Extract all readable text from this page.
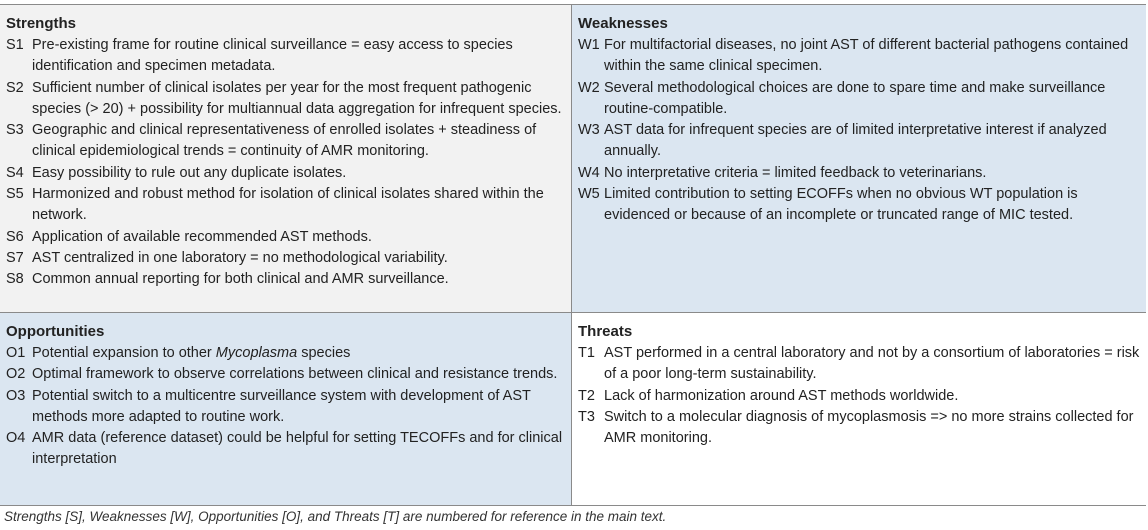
Strengths
S1 Pre-existing frame for routine clinical surveillance = easy access to species identification and specimen metadata.
S2 Sufficient number of clinical isolates per year for the most frequent pathogenic species (> 20) + possibility for multiannual data aggregation for infrequent species.
S3 Geographic and clinical representativeness of enrolled isolates + steadiness of clinical epidemiological trends = continuity of AMR monitoring.
S4 Easy possibility to rule out any duplicate isolates.
S5 Harmonized and robust method for isolation of clinical isolates shared within the network.
S6 Application of available recommended AST methods.
S7 AST centralized in one laboratory = no methodological variability.
S8 Common annual reporting for both clinical and AMR surveillance.
Weaknesses
W1 For multifactorial diseases, no joint AST of different bacterial pathogens contained within the same clinical specimen.
W2 Several methodological choices are done to spare time and make surveillance routine-compatible.
W3 AST data for infrequent species are of limited interpretative interest if analyzed annually.
W4 No interpretative criteria = limited feedback to veterinarians.
W5 Limited contribution to setting ECOFFs when no obvious WT population is evidenced or because of an incomplete or truncated range of MIC tested.
Opportunities
O1 Potential expansion to other Mycoplasma species
O2 Optimal framework to observe correlations between clinical and resistance trends.
O3 Potential switch to a multicentre surveillance system with development of AST methods more adapted to routine work.
O4 AMR data (reference dataset) could be helpful for setting TECOFFs and for clinical interpretation
Threats
T1 AST performed in a central laboratory and not by a consortium of laboratories = risk of a poor long-term sustainability.
T2 Lack of harmonization around AST methods worldwide.
T3 Switch to a molecular diagnosis of mycoplasmosis => no more strains collected for AMR monitoring.
Strengths [S], Weaknesses [W], Opportunities [O], and Threats [T] are numbered for reference in the main text.
